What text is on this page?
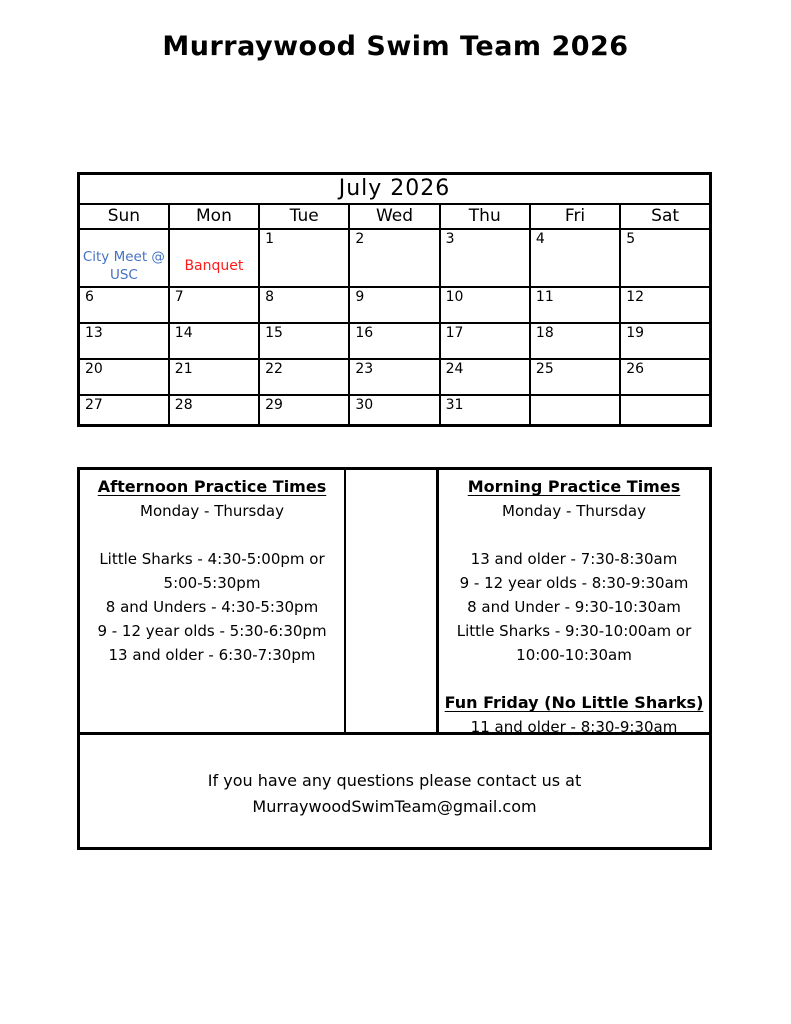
Murraywood Swim Team 2026
July 2026						
Sun	Mon	Tue	Wed	Thu	Fri	Sat

City Meet @ USC	Banquet	1	2	3	4	5
6	7	8	9	10	11	12
13	14	15	16	17	18	19
20	21	22	23	24	25	26
27	28	29	30	31		
Afternoon Practice Times
Monday - Thursday
Little Sharks - 4:30-5:00pm or
5:00-5:30pm
8 and Unders - 4:30-5:30pm
9 - 12 year olds - 5:30-6:30pm
13 and older - 6:30-7:30pm
Morning Practice Times
Monday - Thursday
13 and older - 7:30-8:30am
9 - 12 year olds - 8:30-9:30am
8 and Under - 9:30-10:30am
Little Sharks - 9:30-10:00am or
10:00-10:30am
Fun Friday (No Little Sharks)
11 and older - 8:30-9:30am
If you have any questions please contact us at
MurraywoodSwimTeam@gmail.com
